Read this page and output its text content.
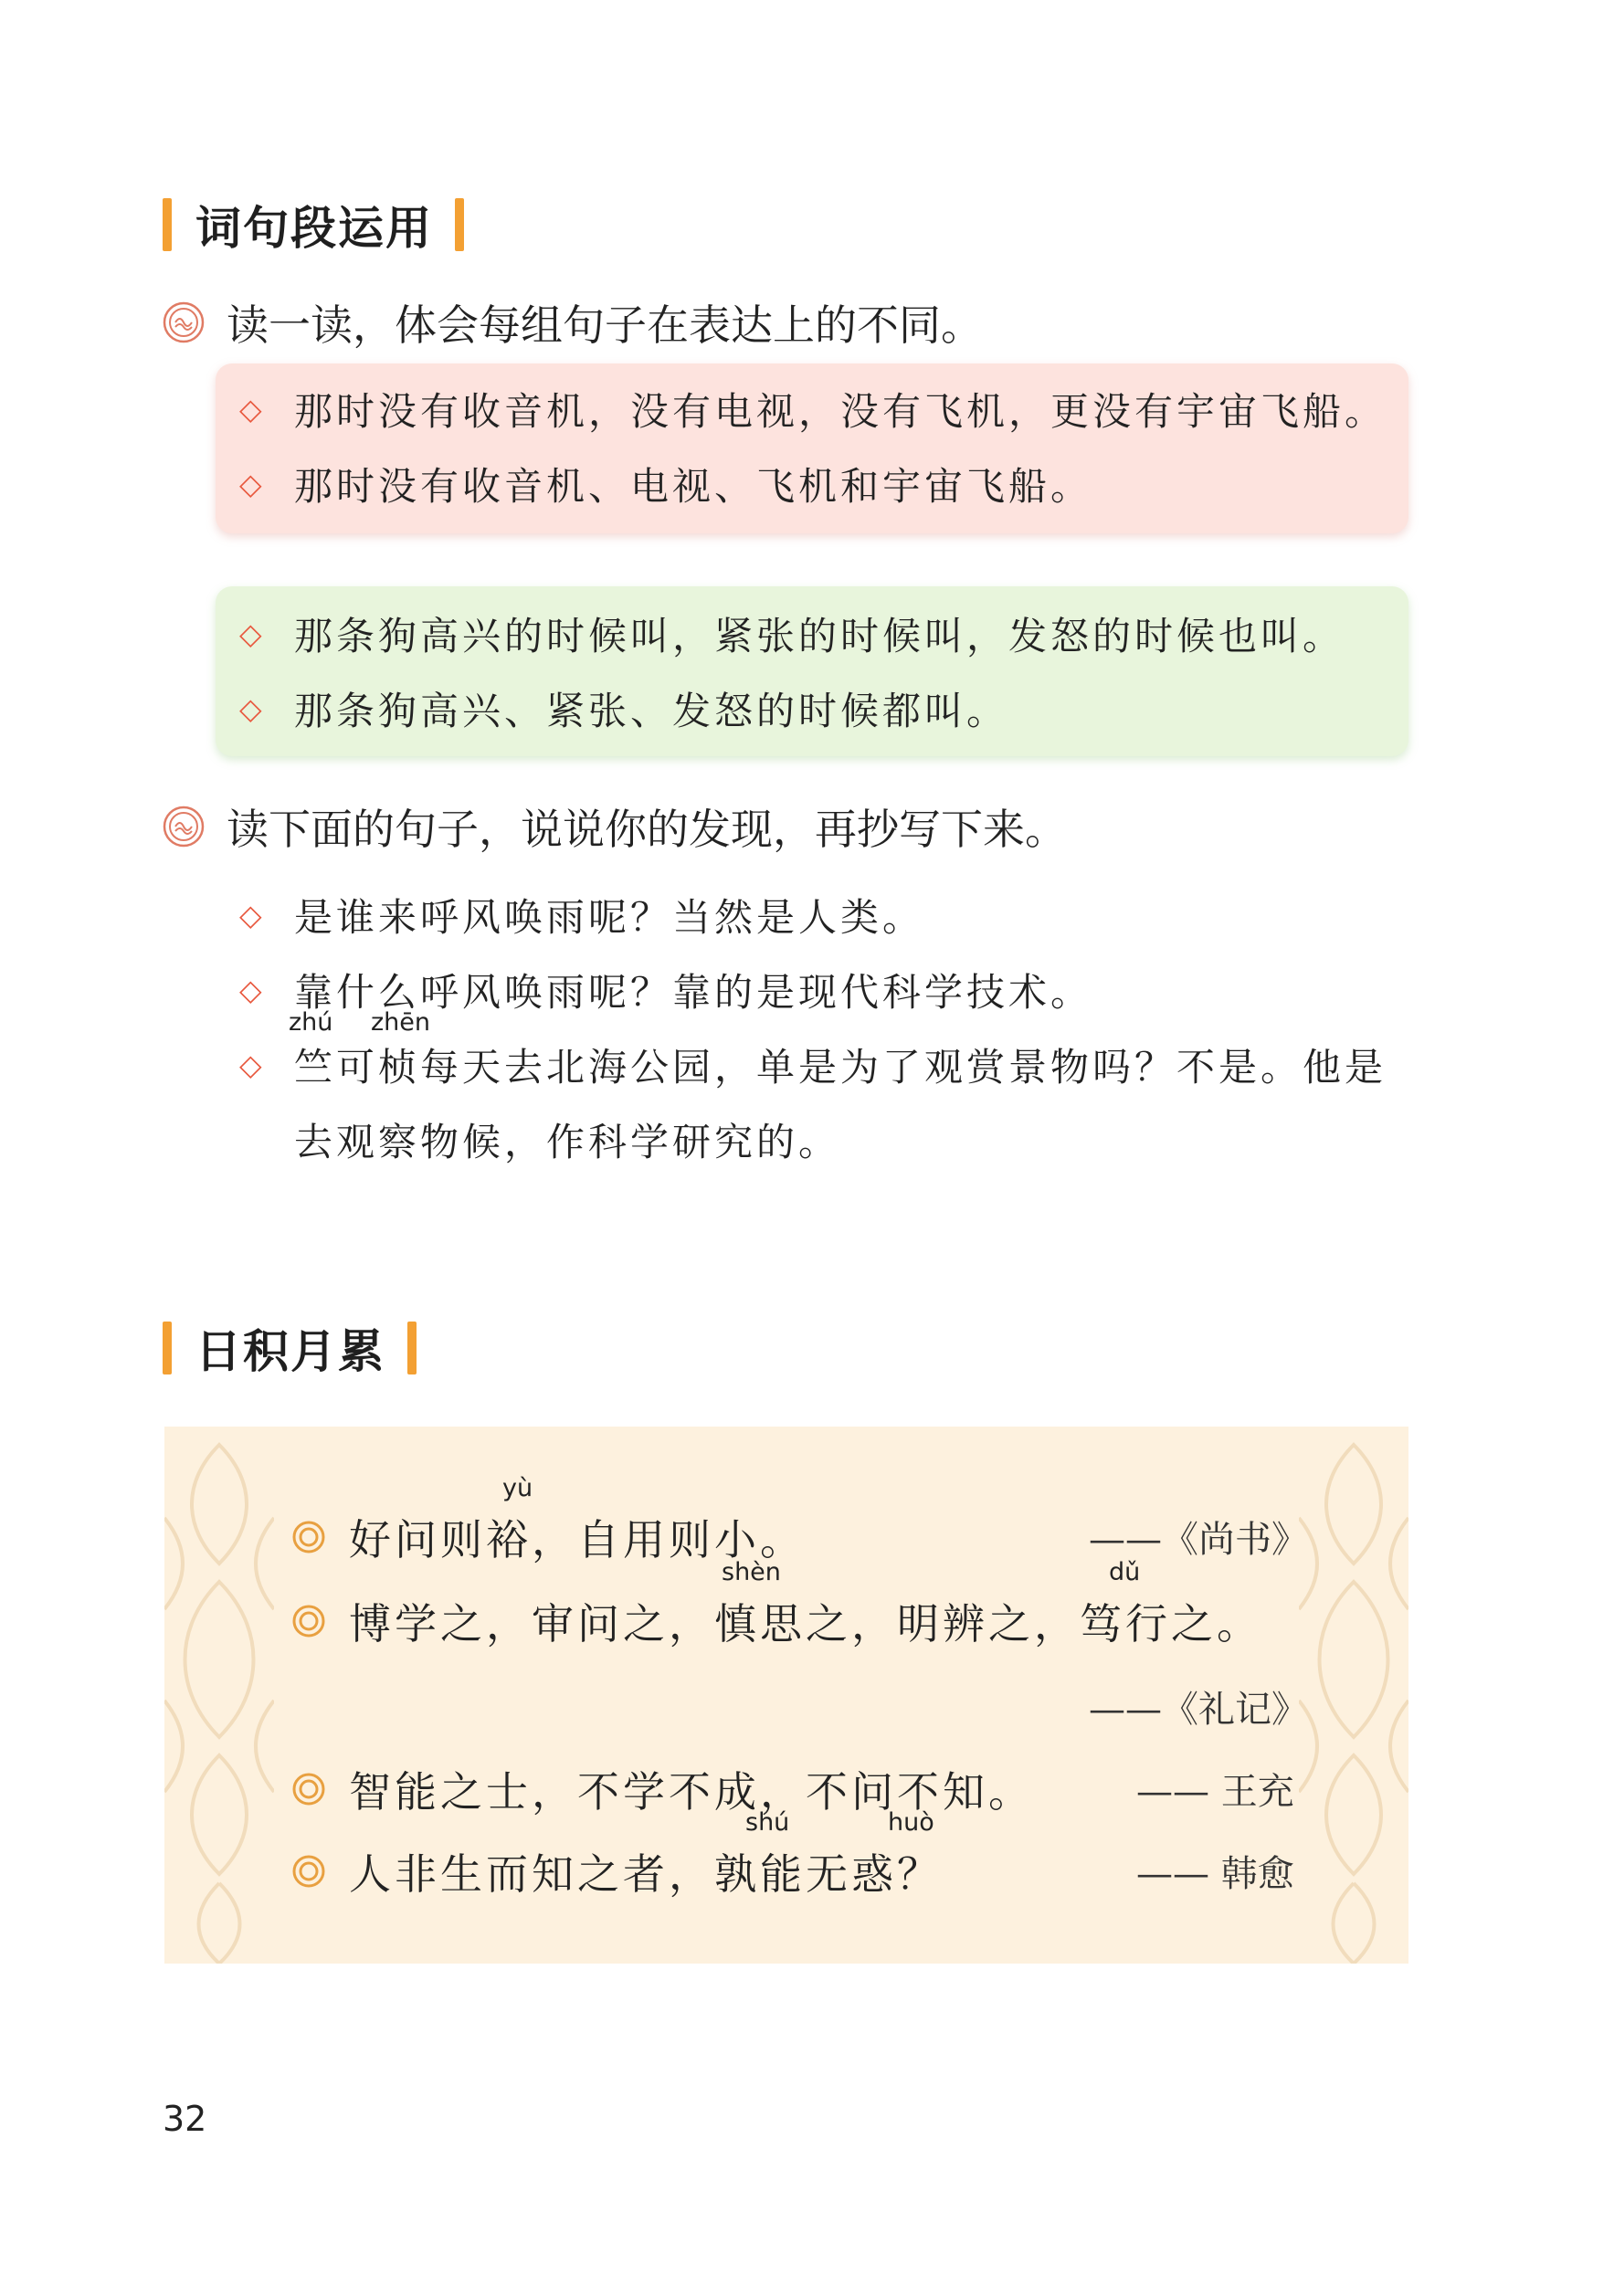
词句段运用
读一读，体会每组句子在表达上的不同。
◇ 那时没有收音机，没有电视，没有飞机，更没有宇宙飞船。
◇ 那时没有收音机、电视、飞机和宇宙飞船。
◇ 那条狗高兴的时候叫，紧张的时候叫，发怒的时候也叫。
◇ 那条狗高兴、紧张、发怒的时候都叫。
读下面的句子，说说你的发现，再抄写下来。
◇ 是谁来呼风唤雨呢？当然是人类。
◇ 靠什么呼风唤雨呢？靠的是现代科学技术。
zhú zhēn
◇ 竺可桢每天去北海公园，单是为了观赏景物吗？不是。他是
去观察物候，作科学研究的。
日积月累
yù
好问则裕，自用则小。	——《尚书》
shèn	dǔ
博学之，审问之，慎思之，明辨之，笃行之。
——《礼记》
智能之士，不学不成，不问不知。	—— 王充
shú	huò
人非生而知之者，孰能无惑？	—— 韩愈
32
